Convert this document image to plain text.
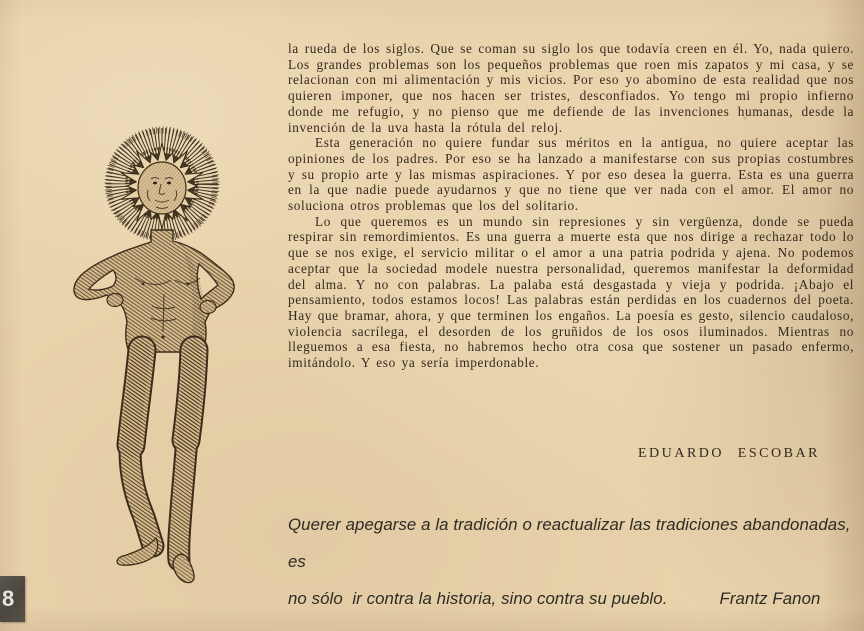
la rueda de los siglos. Que se coman su siglo los que todavía creen en él. Yo, nada quiero. Los grandes problemas son los pequeños problemas que roen mis zapatos y mi casa, y se relacionan con mi alimentación y mis vicios. Por eso yo abomino de esta realidad que nos quieren imponer, que nos hacen ser tristes, desconfiados. Yo tengo mi propio infierno donde me refugio, y no pienso que me defiende de las invenciones humanas, desde la invención de la uva hasta la rótula del reloj.

Esta generación no quiere fundar sus méritos en la antigua, no quiere aceptar las opiniones de los padres. Por eso se ha lanzado a manifestarse con sus propias costumbres y su propio arte y las mismas aspiraciones. Y por eso desea la guerra. Esta es una guerra en la que nadie puede ayudarnos y que no tiene que ver nada con el amor. El amor no soluciona otros problemas que los del solitario.

Lo que queremos es un mundo sin represiones y sin vergüenza, donde se pueda respirar sin remordimientos. Es una guerra a muerte esta que nos dirige a rechazar todo lo que se nos exige, el servicio militar o el amor a una patria podrida y ajena. No podemos aceptar que la sociedad modele nuestra personalidad, queremos manifestar la deformidad del alma. Y no con palabras. La palaba está desgastada y vieja y podrida. ¡Abajo el pensamiento, todos estamos locos! Las palabras están perdidas en los cuadernos del poeta. Hay que bramar, ahora, y que terminen los engaños. La poesía es gesto, silencio caudaloso, violencia sacrílega, el desorden de los gruñidos de los osos iluminados. Mientras no lleguemos a esa fiesta, no habremos hecho otra cosa que sostener un pasado enfermo, imitándolo. Y eso ya sería imperdonable.

EDUARDO ESCOBAR
Querer apegarse a la tradición o reactualizar las tradiciones abandonadas, es
no sólo  ir contra la historia, sino contra su pueblo.	Frantz Fanon
8
